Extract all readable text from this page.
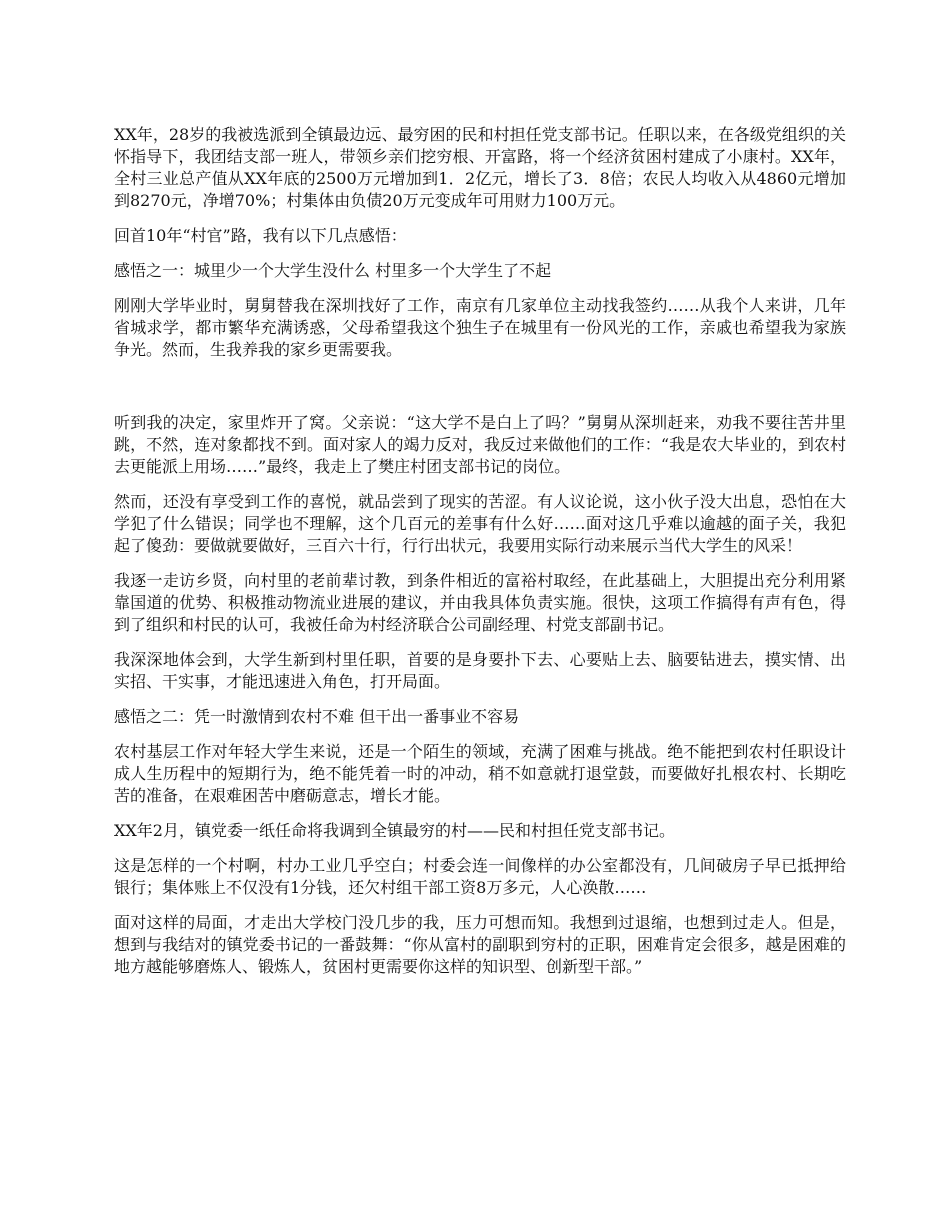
XX年，28岁的我被选派到全镇最边远、最穷困的民和村担任党支部书记。任职以来，在各级党组织的关怀指导下，我团结支部一班人，带领乡亲们挖穷根、开富路，将一个经济贫困村建成了小康村。XX年，全村三业总产值从XX年底的2500万元增加到1．2亿元，增长了3．8倍；农民人均收入从4860元增加到8270元，净增70%；村集体由负债20万元变成年可用财力100万元。

回首10年“村官”路，我有以下几点感悟：

感悟之一：城里少一个大学生没什么 村里多一个大学生了不起

刚刚大学毕业时，舅舅替我在深圳找好了工作，南京有几家单位主动找我签约……从我个人来讲，几年省城求学，都市繁华充满诱惑，父母希望我这个独生子在城里有一份风光的工作，亲戚也希望我为家族争光。然而，生我养我的家乡更需要我。

听到我的决定，家里炸开了窝。父亲说：“这大学不是白上了吗？”舅舅从深圳赶来，劝我不要往苦井里跳，不然，连对象都找不到。面对家人的竭力反对，我反过来做他们的工作：“我是农大毕业的，到农村去更能派上用场……”最终，我走上了樊庄村团支部书记的岗位。

然而，还没有享受到工作的喜悦，就品尝到了现实的苦涩。有人议论说，这小伙子没大出息，恐怕在大学犯了什么错误；同学也不理解，这个几百元的差事有什么好……面对这几乎难以逾越的面子关，我犯起了傻劲：要做就要做好，三百六十行，行行出状元，我要用实际行动来展示当代大学生的风采！

我逐一走访乡贤，向村里的老前辈讨教，到条件相近的富裕村取经，在此基础上，大胆提出充分利用紧靠国道的优势、积极推动物流业进展的建议，并由我具体负责实施。很快，这项工作搞得有声有色，得到了组织和村民的认可，我被任命为村经济联合公司副经理、村党支部副书记。

我深深地体会到，大学生新到村里任职，首要的是身要扑下去、心要贴上去、脑要钻进去，摸实情、出实招、干实事，才能迅速进入角色，打开局面。

感悟之二：凭一时激情到农村不难 但干出一番事业不容易

农村基层工作对年轻大学生来说，还是一个陌生的领域，充满了困难与挑战。绝不能把到农村任职设计成人生历程中的短期行为，绝不能凭着一时的冲动，稍不如意就打退堂鼓，而要做好扎根农村、长期吃苦的准备，在艰难困苦中磨砺意志，增长才能。

XX年2月，镇党委一纸任命将我调到全镇最穷的村——民和村担任党支部书记。

这是怎样的一个村啊，村办工业几乎空白；村委会连一间像样的办公室都没有，几间破房子早已抵押给银行；集体账上不仅没有1分钱，还欠村组干部工资8万多元，人心涣散……

面对这样的局面，才走出大学校门没几步的我，压力可想而知。我想到过退缩，也想到过走人。但是，想到与我结对的镇党委书记的一番鼓舞：“你从富村的副职到穷村的正职，困难肯定会很多，越是困难的地方越能够磨炼人、锻炼人，贫困村更需要你这样的知识型、创新型干部。”
